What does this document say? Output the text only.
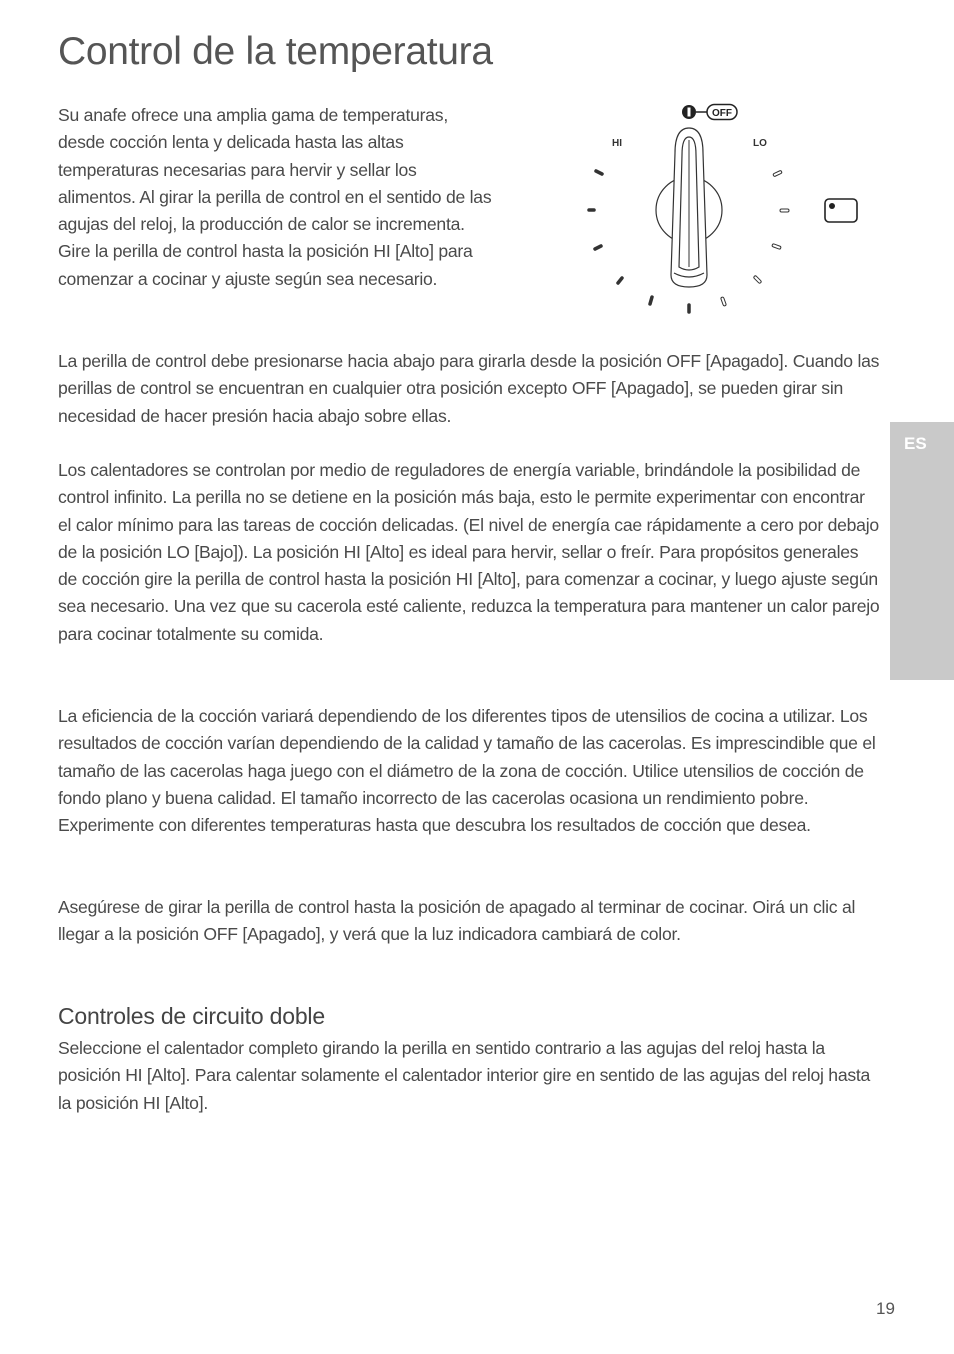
Control de la temperatura

Su anafe ofrece una amplia gama de temperaturas, desde cocción lenta y delicada hasta las altas temperaturas necesarias para hervir y sellar los alimentos. Al girar la perilla de control en el sentido de las agujas del reloj, la producción de calor se incrementa. Gire la perilla de control hasta la posición HI [Alto] para comenzar a cocinar y ajuste según sea necesario.

OFF
HI	LO

La perilla de control debe presionarse hacia abajo para girarla desde la posición OFF [Apagado]. Cuando las perillas de control se encuentran en cualquier otra posición excepto OFF [Apagado], se pueden girar sin necesidad de hacer presión hacia abajo sobre ellas.

Los calentadores se controlan por medio de reguladores de energía variable, brindándole la posibilidad de control infinito. La perilla no se detiene en la posición más baja, esto le permite experimentar con encontrar el calor mínimo para las tareas de cocción delicadas. (El nivel de energía cae rápidamente a cero por debajo de la posición LO [Bajo]). La posición HI [Alto] es ideal para hervir, sellar o freír. Para propósitos generales de cocción gire la perilla de control hasta la posición HI [Alto], para comenzar a cocinar, y luego ajuste según sea necesario. Una vez que su cacerola esté caliente, reduzca la temperatura para mantener un calor parejo para cocinar totalmente su comida.

La eficiencia de la cocción variará dependiendo de los diferentes tipos de utensilios de cocina a utilizar. Los resultados de cocción varían dependiendo de la calidad y tamaño de las cacerolas. Es imprescindible que el tamaño de las cacerolas haga juego con el diámetro de la zona de cocción. Utilice utensilios de cocción de fondo plano y buena calidad. El tamaño incorrecto de las cacerolas ocasiona un rendimiento pobre. Experimente con diferentes temperaturas hasta que descubra los resultados de cocción que desea.

Asegúrese de girar la perilla de control hasta la posición de apagado al terminar de cocinar. Oirá un clic al llegar a la posición OFF [Apagado], y verá que la luz indicadora cambiará de color.

Controles de circuito doble

Seleccione el calentador completo girando la perilla en sentido contrario a las agujas del reloj hasta la posición HI [Alto]. Para calentar solamente el calentador interior gire en sentido de las agujas del reloj hasta la posición HI [Alto].

ES
19
